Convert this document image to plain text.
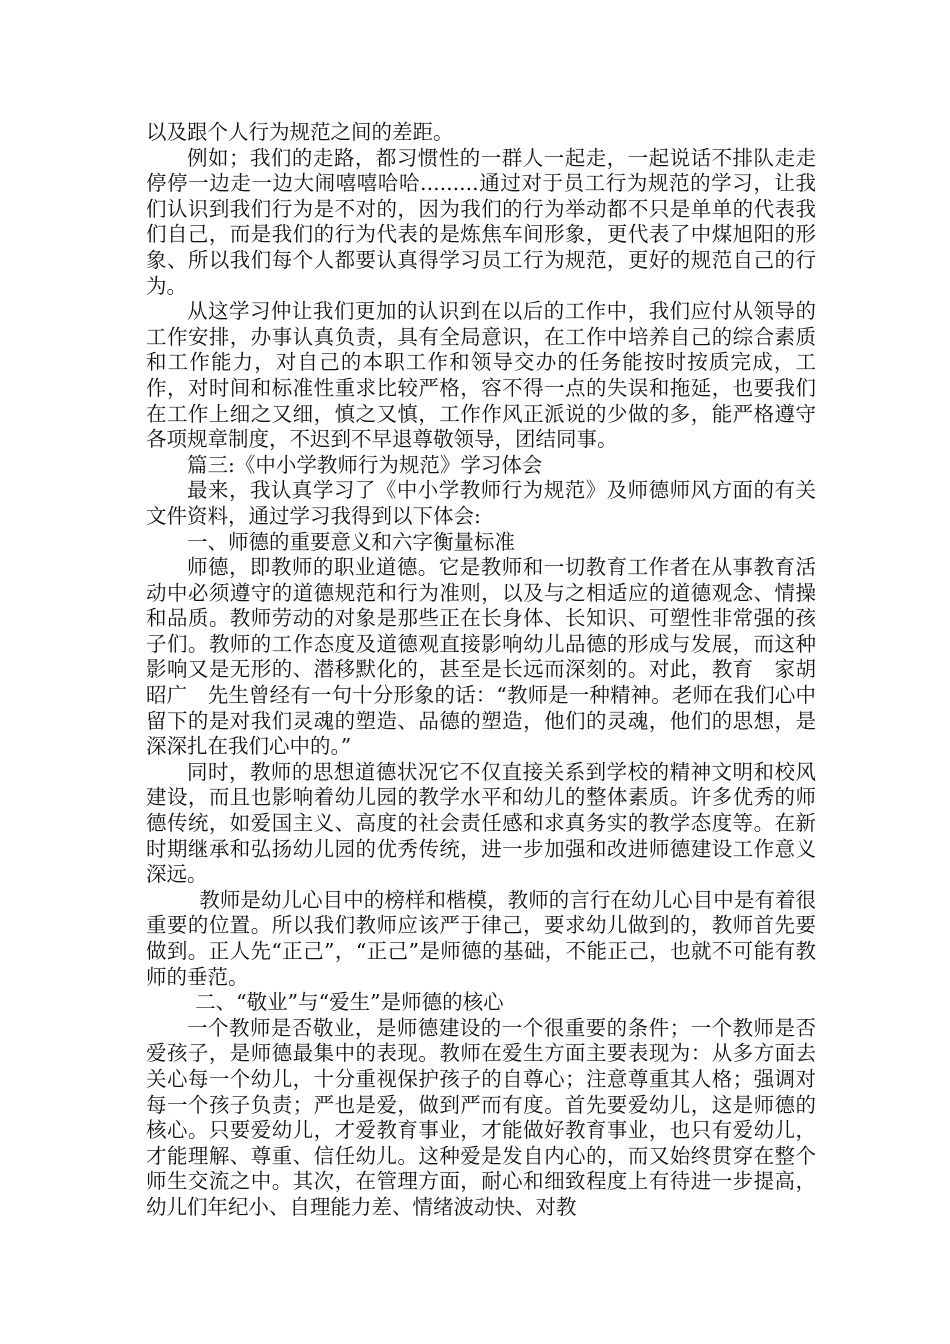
以及跟个人行为规范之间的差距。

例如；我们的走路，都习惯性的一群人一起走，一起说话不排队走走停停一边走一边大闹嘻嘻哈哈.........通过对于员工行为规范的学习，让我们认识到我们行为是不对的，因为我们的行为举动都不只是单单的代表我们自己，而是我们的行为代表的是炼焦车间形象，更代表了中煤旭阳的形象、所以我们每个人都要认真得学习员工行为规范，更好的规范自己的行为。

从这学习仲让我们更加的认识到在以后的工作中，我们应付从领导的工作安排，办事认真负责，具有全局意识，在工作中培养自己的综合素质和工作能力，对自己的本职工作和领导交办的任务能按时按质完成，工作，对时间和标准性重求比较严格，容不得一点的失误和拖延，也要我们在工作上细之又细，慎之又慎，工作作风正派说的少做的多，能严格遵守各项规章制度，不迟到不早退尊敬领导，团结同事。

篇三:《中小学教师行为规范》学习体会

最来，我认真学习了《中小学教师行为规范》及师德师风方面的有关文件资料，通过学习我得到以下体会:

一、师德的重要意义和六字衡量标准

师德，即教师的职业道德。它是教师和一切教育工作者在从事教育活动中必须遵守的道德规范和行为准则，以及与之相适应的道德观念、情操和品质。教师劳动的对象是那些正在长身体、长知识、可塑性非常强的孩子们。教师的工作态度及道德观直接影响幼儿品德的形成与发展，而这种影响又是无形的、潜移默化的，甚至是长远而深刻的。对此，教育　家胡昭广　先生曾经有一句十分形象的话：“教师是一种精神。老师在我们心中留下的是对我们灵魂的塑造、品德的塑造，他们的灵魂，他们的思想，是深深扎在我们心中的。”

同时，教师的思想道德状况它不仅直接关系到学校的精神文明和校风建设，而且也影响着幼儿园的教学水平和幼儿的整体素质。许多优秀的师德传统，如爱国主义、高度的社会责任感和求真务实的教学态度等。在新时期继承和弘扬幼儿园的优秀传统，进一步加强和改进师德建设工作意义深远。

教师是幼儿心目中的榜样和楷模，教师的言行在幼儿心目中是有着很重要的位置。所以我们教师应该严于律己，要求幼儿做到的，教师首先要做到。正人先“正己”，“正己”是师德的基础，不能正己，也就不可能有教师的垂范。

二、“敬业”与“爱生”是师德的核心

一个教师是否敬业，是师德建设的一个很重要的条件；一个教师是否爱孩子，是师德最集中的表现。教师在爱生方面主要表现为：从多方面去关心每一个幼儿，十分重视保护孩子的自尊心；注意尊重其人格；强调对每一个孩子负责；严也是爱，做到严而有度。首先要爱幼儿，这是师德的核心。只要爱幼儿，才爱教育事业，才能做好教育事业，也只有爱幼儿，才能理解、尊重、信任幼儿。这种爱是发自内心的，而又始终贯穿在整个师生交流之中。其次，在管理方面，耐心和细致程度上有待进一步提高，幼儿们年纪小、自理能力差、情绪波动快、对教
